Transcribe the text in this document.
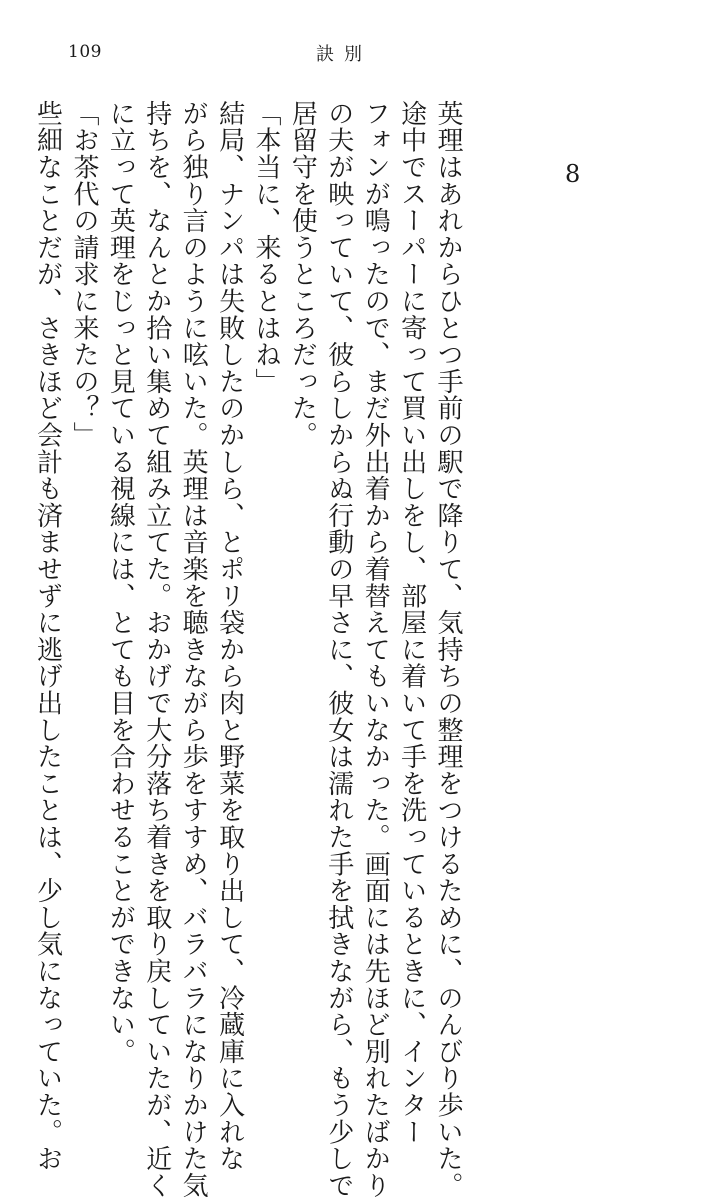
109	訣別
8
英理はあれからひとつ手前の駅で降りて、気持ちの整理をつけるために、のんびり歩いた。
途中でスーパーに寄って買い出しをし、部屋に着いて手を洗っているときに、インター
フォンが鳴ったので、まだ外出着から着替えてもいなかった。画面には先ほど別れたばかり
の夫が映っていて、彼らしからぬ行動の早さに、彼女は濡れた手を拭きながら、もう少しで
居留守を使うところだった。
「本当に、来るとはね」
結局、ナンパは失敗したのかしら、とポリ袋から肉と野菜を取り出して、冷蔵庫に入れな
がら独り言のように呟いた。英理は音楽を聴きながら歩をすすめ、バラバラになりかけた気
持ちを、なんとか拾い集めて組み立てた。おかげで大分落ち着きを取り戻していたが、近く
に立って英理をじっと見ている視線には、とても目を合わせることができない。
「お茶代の請求に来たの？」
些細なことだが、さきほど会計も済ませずに逃げ出したことは、少し気になっていた。お
